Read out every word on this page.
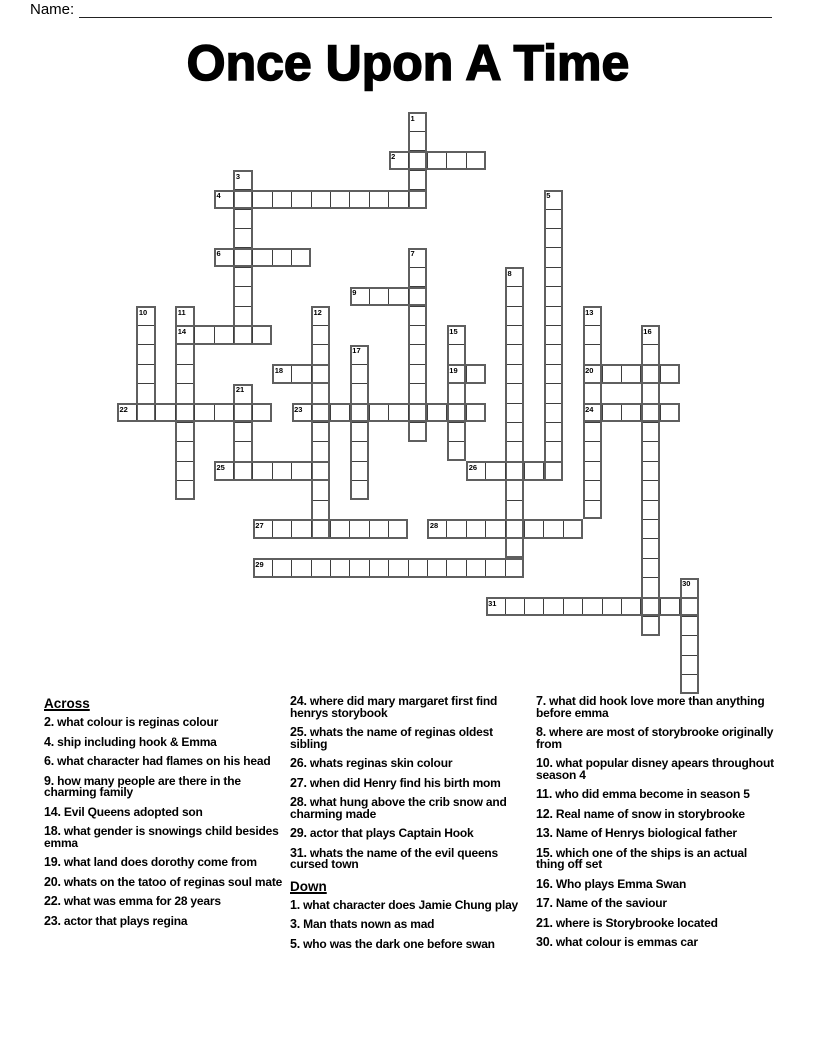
Name:
Once Upon A Time
1
2
3
4	5
6	7
8
9
10	11	12	13
14	15	16
17
18	19	20
21
22	23	24
25	26
27	28
29
30
31
Across
2. what colour is reginas colour
4. ship including hook & Emma
6. what character had flames on his head
9. how many people are there in the charming family
14. Evil Queens adopted son
18. what gender is snowings child besides emma
19. what land does dorothy come from
20. whats on the tatoo of reginas soul mate
22. what was emma for 28 years
23. actor that plays regina
24. where did mary margaret first find henrys storybook
25. whats the name of reginas oldest sibling
26. whats reginas skin colour
27. when did Henry find his birth mom
28. what hung above the crib snow and charming made
29. actor that plays Captain Hook
31. whats the name of the evil queens cursed town
Down
1. what character does Jamie Chung play
3. Man thats nown as mad
5. who was the dark one before swan
7. what did hook love more than anything before emma
8. where are most of storybrooke originally from
10. what popular disney apears throughout season 4
11. who did emma become in season 5
12. Real name of snow in storybrooke
13. Name of Henrys biological father
15. which one of the ships is an actual thing off set
16. Who plays Emma Swan
17. Name of the saviour
21. where is Storybrooke located
30. what colour is emmas car
